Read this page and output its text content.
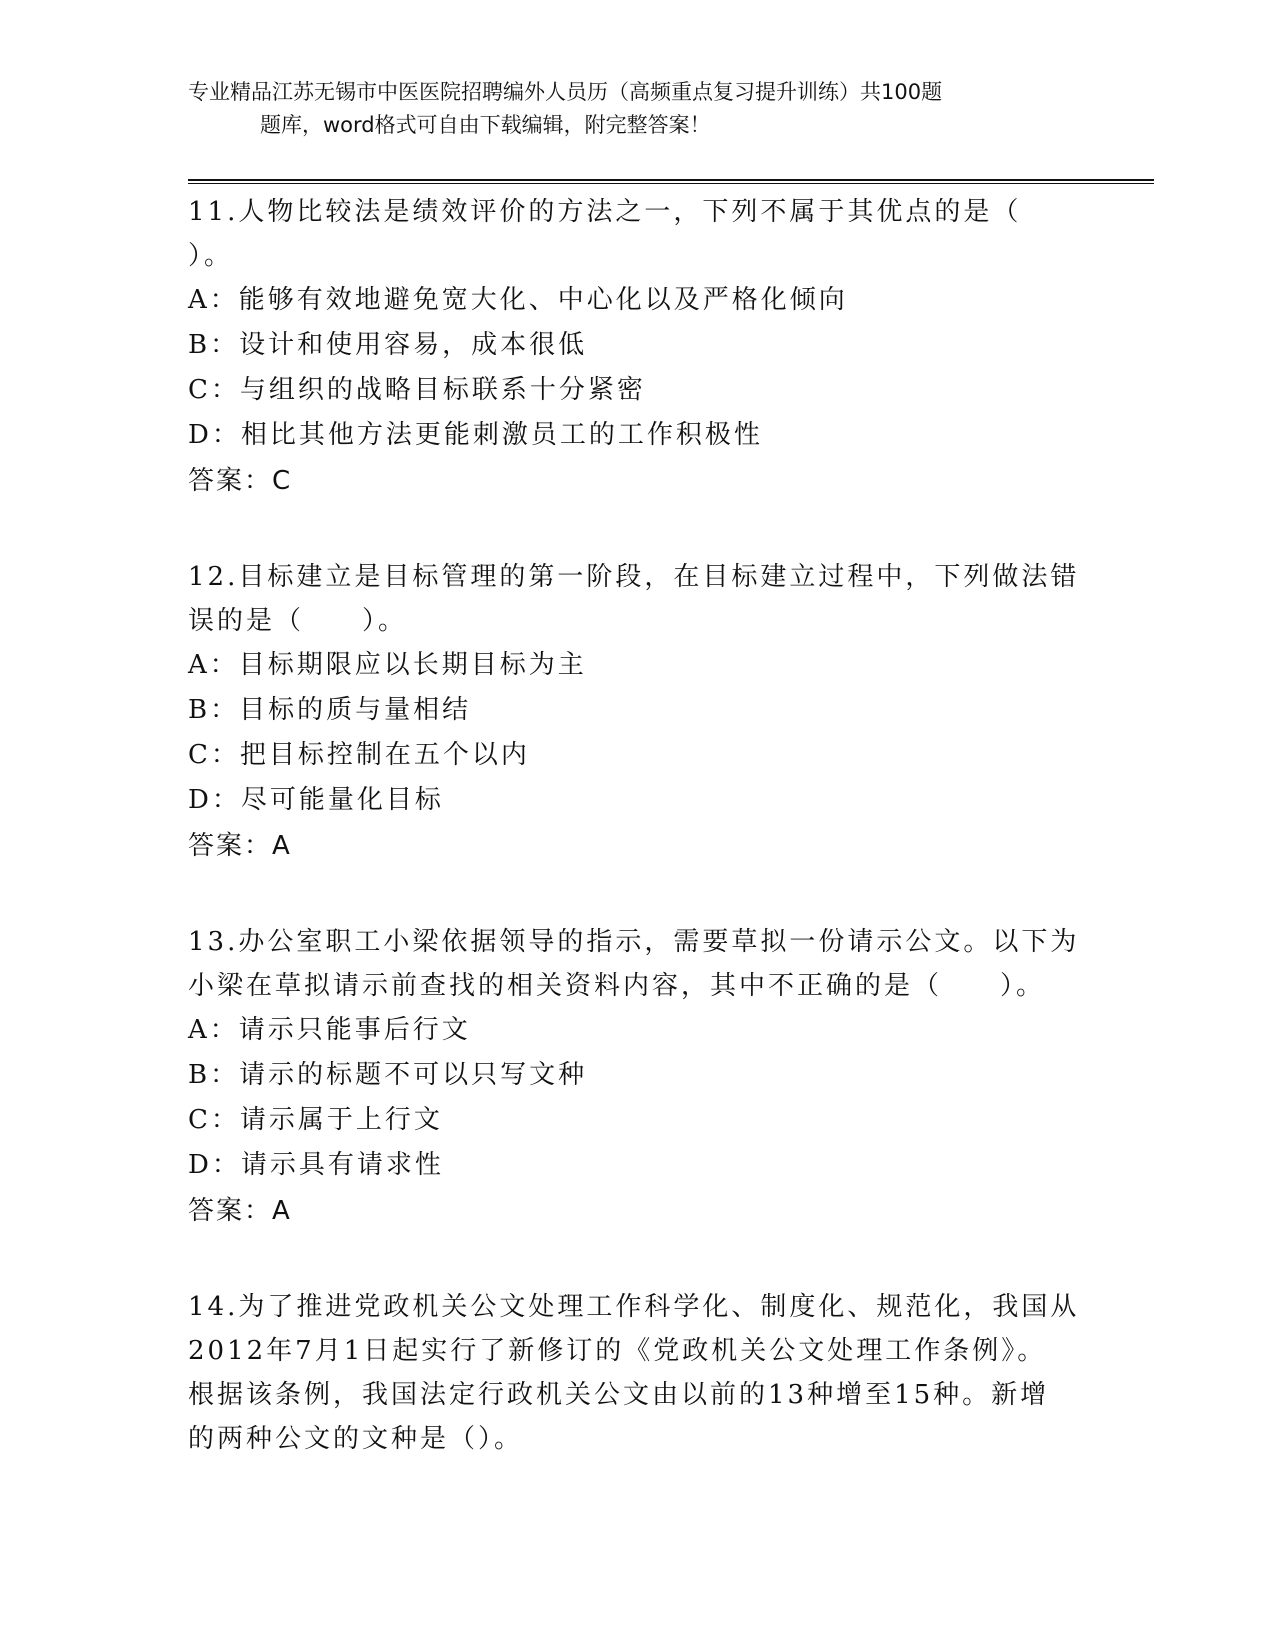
专业精品江苏无锡市中医医院招聘编外人员历（高频重点复习提升训练）共100题
题库，word格式可自由下载编辑，附完整答案！
11.人物比较法是绩效评价的方法之一，下列不属于其优点的是（
）。
A：能够有效地避免宽大化、中心化以及严格化倾向
B：设计和使用容易，成本很低
C：与组织的战略目标联系十分紧密
D：相比其他方法更能刺激员工的工作积极性
答案：C
12.目标建立是目标管理的第一阶段，在目标建立过程中，下列做法错
误的是（　　）。
A：目标期限应以长期目标为主
B：目标的质与量相结
C：把目标控制在五个以内
D：尽可能量化目标
答案：A
13.办公室职工小梁依据领导的指示，需要草拟一份请示公文。以下为
小梁在草拟请示前查找的相关资料内容，其中不正确的是（　　）。
A：请示只能事后行文
B：请示的标题不可以只写文种
C：请示属于上行文
D：请示具有请求性
答案：A
14.为了推进党政机关公文处理工作科学化、制度化、规范化，我国从
2012年7月1日起实行了新修订的《党政机关公文处理工作条例》。
根据该条例，我国法定行政机关公文由以前的13种增至15种。新增
的两种公文的文种是（）。
